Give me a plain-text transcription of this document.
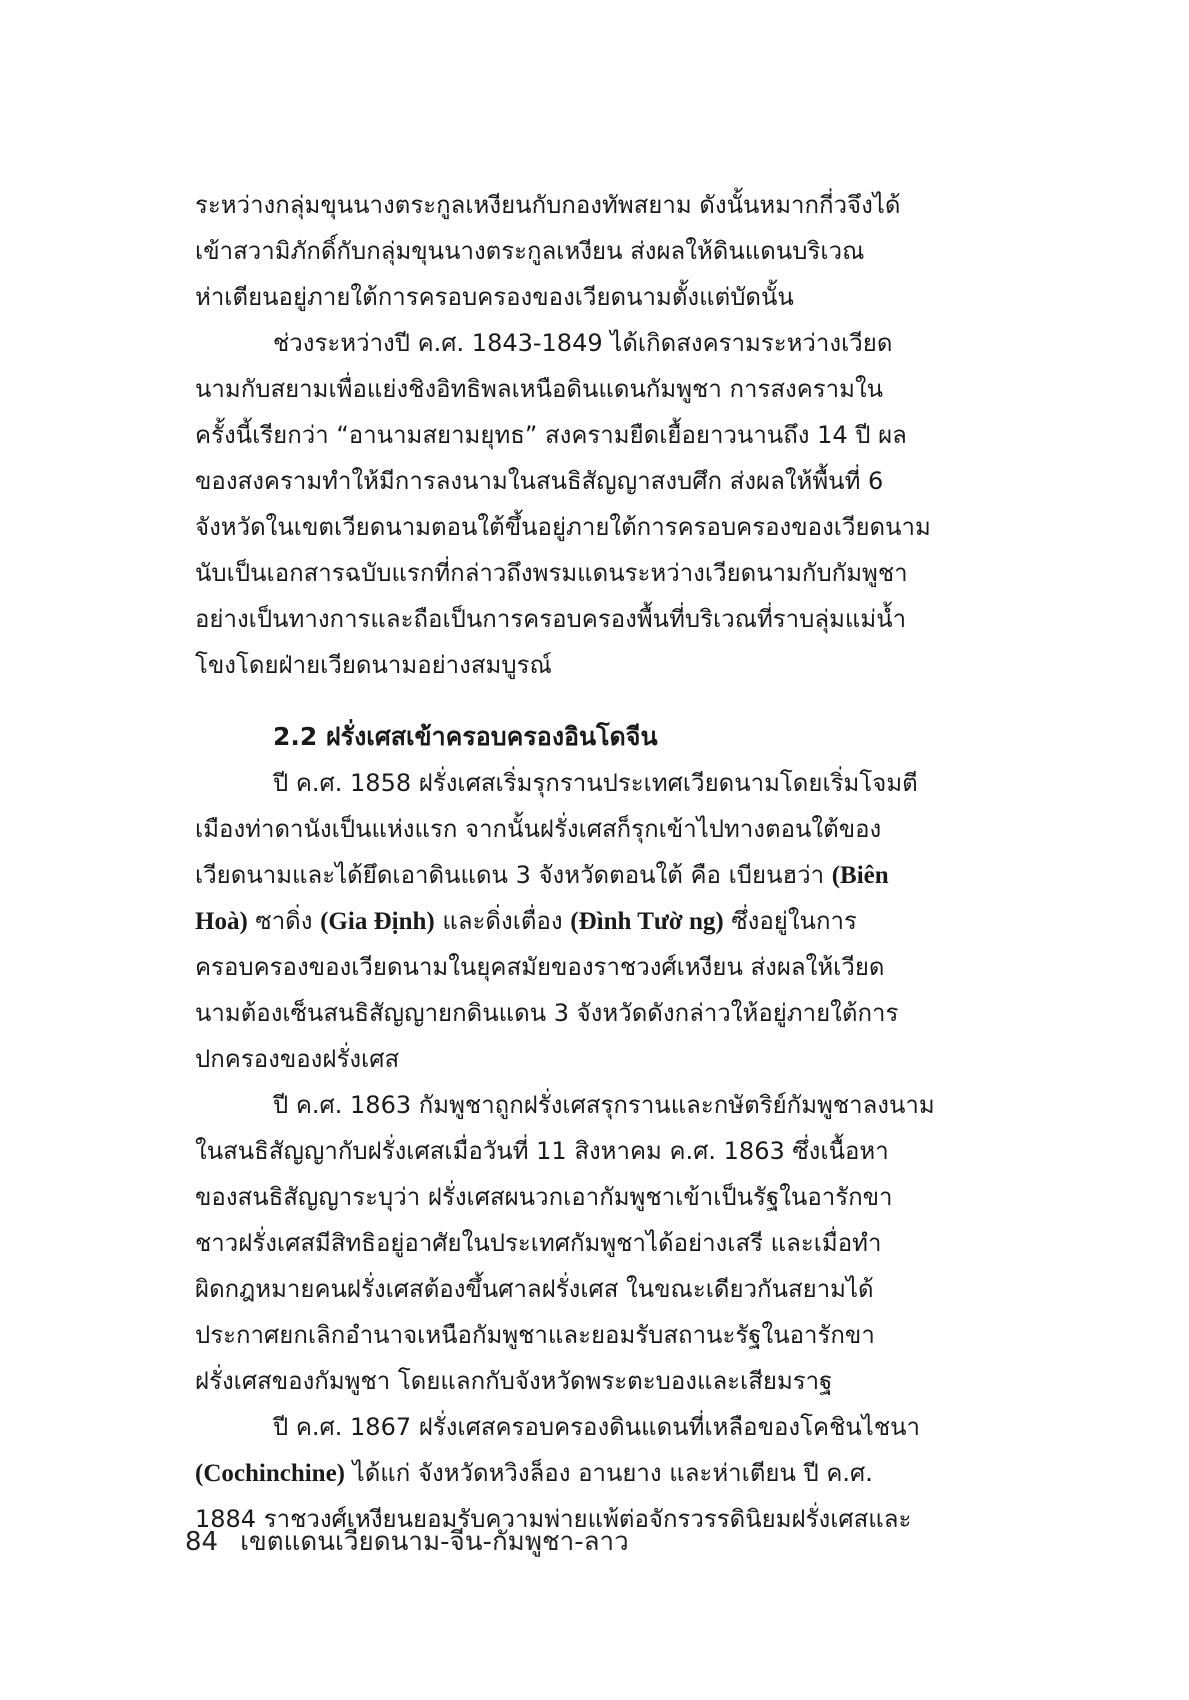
ระหว่างกลุ่มขุนนางตระกูลเหงียนกับกองทัพสยาม ดังนั้นหมากกี่วจึงได้
เข้าสวามิภักดิ์กับกลุ่มขุนนางตระกูลเหงียน ส่งผลให้ดินแดนบริเวณ
ห่าเตียนอยู่ภายใต้การครอบครองของเวียดนามตั้งแต่บัดนั้น
ช่วงระหว่างปี ค.ศ. 1843-1849 ได้เกิดสงครามระหว่างเวียด
นามกับสยามเพื่อแย่งชิงอิทธิพลเหนือดินแดนกัมพูชา การสงครามใน
ครั้งนี้เรียกว่า “อานามสยามยุทธ” สงครามยืดเยื้อยาวนานถึง 14 ปี ผล
ของสงครามทำให้มีการลงนามในสนธิสัญญาสงบศึก ส่งผลให้พื้นที่ 6
จังหวัดในเขตเวียดนามตอนใต้ขึ้นอยู่ภายใต้การครอบครองของเวียดนาม
นับเป็นเอกสารฉบับแรกที่กล่าวถึงพรมแดนระหว่างเวียดนามกับกัมพูชา
อย่างเป็นทางการและถือเป็นการครอบครองพื้นที่บริเวณที่ราบลุ่มแม่น้ำ
โขงโดยฝ่ายเวียดนามอย่างสมบูรณ์
2.2 ฝรั่งเศสเข้าครอบครองอินโดจีน
ปี ค.ศ. 1858 ฝรั่งเศสเริ่มรุกรานประเทศเวียดนามโดยเริ่มโจมตี
เมืองท่าดานังเป็นแห่งแรก จากนั้นฝรั่งเศสก็รุกเข้าไปทางตอนใต้ของ
เวียดนามและได้ยึดเอาดินแดน 3 จังหวัดตอนใต้ คือ เบียนฮว่า (Biên
Hoà) ซาดิ่ง (Gia Định) และดิ่งเตื่อง (Đình Tườ ng) ซึ่งอยู่ในการ
ครอบครองของเวียดนามในยุคสมัยของราชวงศ์เหงียน ส่งผลให้เวียด
นามต้องเซ็นสนธิสัญญายกดินแดน 3 จังหวัดดังกล่าวให้อยู่ภายใต้การ
ปกครองของฝรั่งเศส
ปี ค.ศ. 1863 กัมพูชาถูกฝรั่งเศสรุกรานและกษัตริย์กัมพูชาลงนาม
ในสนธิสัญญากับฝรั่งเศสเมื่อวันที่ 11 สิงหาคม ค.ศ. 1863 ซึ่งเนื้อหา
ของสนธิสัญญาระบุว่า ฝรั่งเศสผนวกเอากัมพูชาเข้าเป็นรัฐในอารักขา
ชาวฝรั่งเศสมีสิทธิอยู่อาศัยในประเทศกัมพูชาได้อย่างเสรี และเมื่อทำ
ผิดกฎหมายคนฝรั่งเศสต้องขึ้นศาลฝรั่งเศส ในขณะเดียวกันสยามได้
ประกาศยกเลิกอำนาจเหนือกัมพูชาและยอมรับสถานะรัฐในอารักขา
ฝรั่งเศสของกัมพูชา โดยแลกกับจังหวัดพระตะบองและเสียมราฐ
ปี ค.ศ. 1867 ฝรั่งเศสครอบครองดินแดนที่เหลือของโคชินไชนา
(Cochinchine) ได้แก่ จังหวัดหวิงล็อง อานยาง และห่าเตียน ปี ค.ศ.
1884 ราชวงศ์เหงียนยอมรับความพ่ายแพ้ต่อจักรวรรดินิยมฝรั่งเศสและ
84 เขตแดนเวียดนาม-จีน-กัมพูชา-ลาว
